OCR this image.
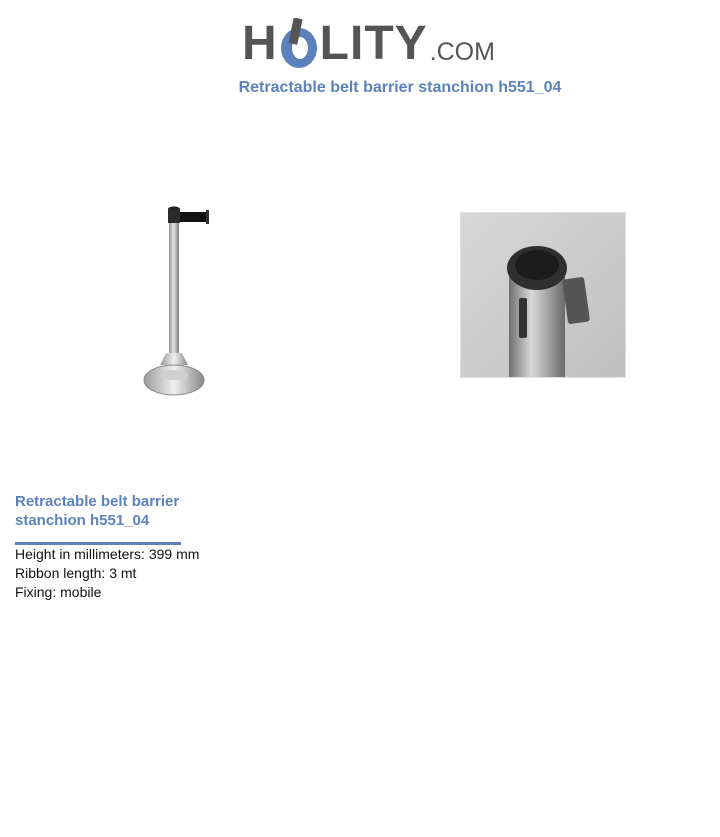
H LITY .COM
Retractable belt barrier stanchion h551_04
Retractable belt barrier stanchion h551_04
Height in millimeters: 399 mm
Ribbon length: 3 mt
Fixing: mobile
